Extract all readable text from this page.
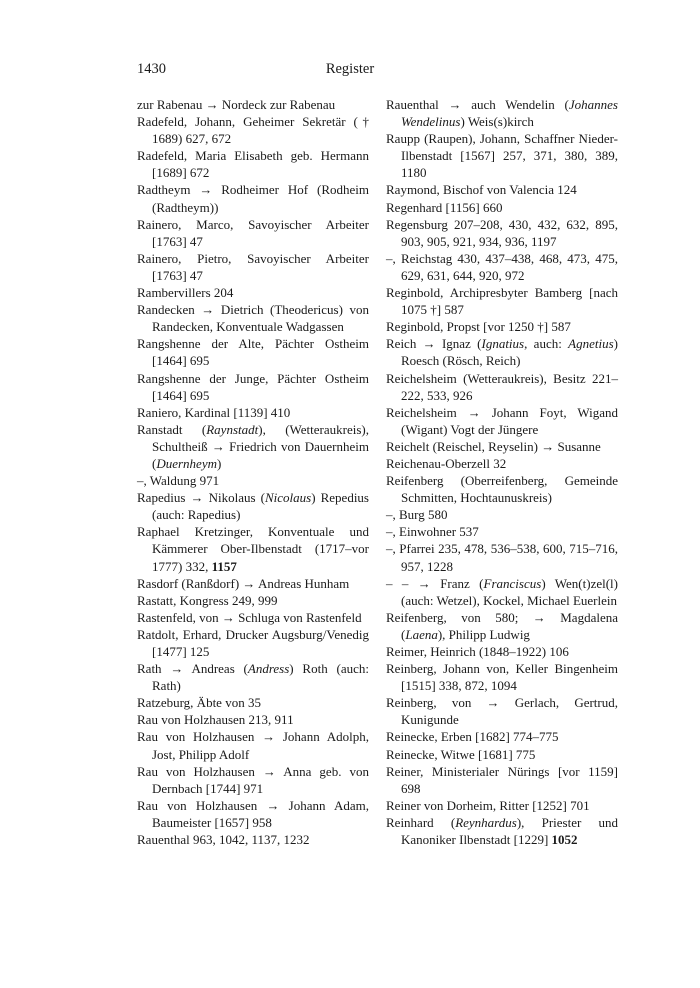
1430	Register
zur Rabenau → Nordeck zur Rabenau
Radefeld, Johann, Geheimer Sekretär († 1689) 627, 672
Radefeld, Maria Elisabeth geb. Hermann [1689] 672
Radtheym → Rodheimer Hof (Rodheim (Radtheym))
Rainero, Marco, Savoyischer Arbeiter [1763] 47
Rainero, Pietro, Savoyischer Arbeiter [1763] 47
Rambervillers 204
Randecken → Dietrich (Theodericus) von Randecken, Konventuale Wadgassen
Rangshenne der Alte, Pächter Ostheim [1464] 695
Rangshenne der Junge, Pächter Ostheim [1464] 695
Raniero, Kardinal [1139] 410
Ranstadt (Raynstadt), (Wetteraukreis), Schultheiß → Friedrich von Dauernheim (Duernheym)
–, Waldung 971
Rapedius → Nikolaus (Nicolaus) Repedius (auch: Rapedius)
Raphael Kretzinger, Konventuale und Kämmerer Ober-Ilbenstadt (1717–vor 1777) 332, 1157
Rasdorf (Ranßdorf) → Andreas Hunham
Rastatt, Kongress 249, 999
Rastenfeld, von → Schluga von Rastenfeld
Ratdolt, Erhard, Drucker Augsburg/Venedig [1477] 125
Rath → Andreas (Andress) Roth (auch: Rath)
Ratzeburg, Äbte von 35
Rau von Holzhausen 213, 911
Rau von Holzhausen → Johann Adolph, Jost, Philipp Adolf
Rau von Holzhausen → Anna geb. von Dernbach [1744] 971
Rau von Holzhausen → Johann Adam, Baumeister [1657] 958
Rauenthal 963, 1042, 1137, 1232
Rauenthal → auch Wendelin (Johannes Wendelinus) Weis(s)kirch
Raupp (Raupen), Johann, Schaffner Nieder-Ilbenstadt [1567] 257, 371, 380, 389, 1180
Raymond, Bischof von Valencia 124
Regenhard [1156] 660
Regensburg 207–208, 430, 432, 632, 895, 903, 905, 921, 934, 936, 1197
–, Reichstag 430, 437–438, 468, 473, 475, 629, 631, 644, 920, 972
Reginbold, Archipresbyter Bamberg [nach 1075 †] 587
Reginbold, Propst [vor 1250 †] 587
Reich → Ignaz (Ignatius, auch: Agnetius) Roesch (Rösch, Reich)
Reichelsheim (Wetteraukreis), Besitz 221–222, 533, 926
Reichelsheim → Johann Foyt, Wigand (Wigant) Vogt der Jüngere
Reichelt (Reischel, Reyselin) → Susanne
Reichenau-Oberzell 32
Reifenberg (Oberreifenberg, Gemeinde Schmitten, Hochtaunuskreis)
–, Burg 580
–, Einwohner 537
–, Pfarrei 235, 478, 536–538, 600, 715–716, 957, 1228
– – → Franz (Franciscus) Wen(t)zel(l) (auch: Wetzel), Kockel, Michael Euerlein
Reifenberg, von 580; → Magdalena (Laena), Philipp Ludwig
Reimer, Heinrich (1848–1922) 106
Reinberg, Johann von, Keller Bingenheim [1515] 338, 872, 1094
Reinberg, von → Gerlach, Gertrud, Kunigunde
Reinecke, Erben [1682] 774–775
Reinecke, Witwe [1681] 775
Reiner, Ministerialer Nürings [vor 1159] 698
Reiner von Dorheim, Ritter [1252] 701
Reinhard (Reynhardus), Priester und Kanoniker Ilbenstadt [1229] 1052
